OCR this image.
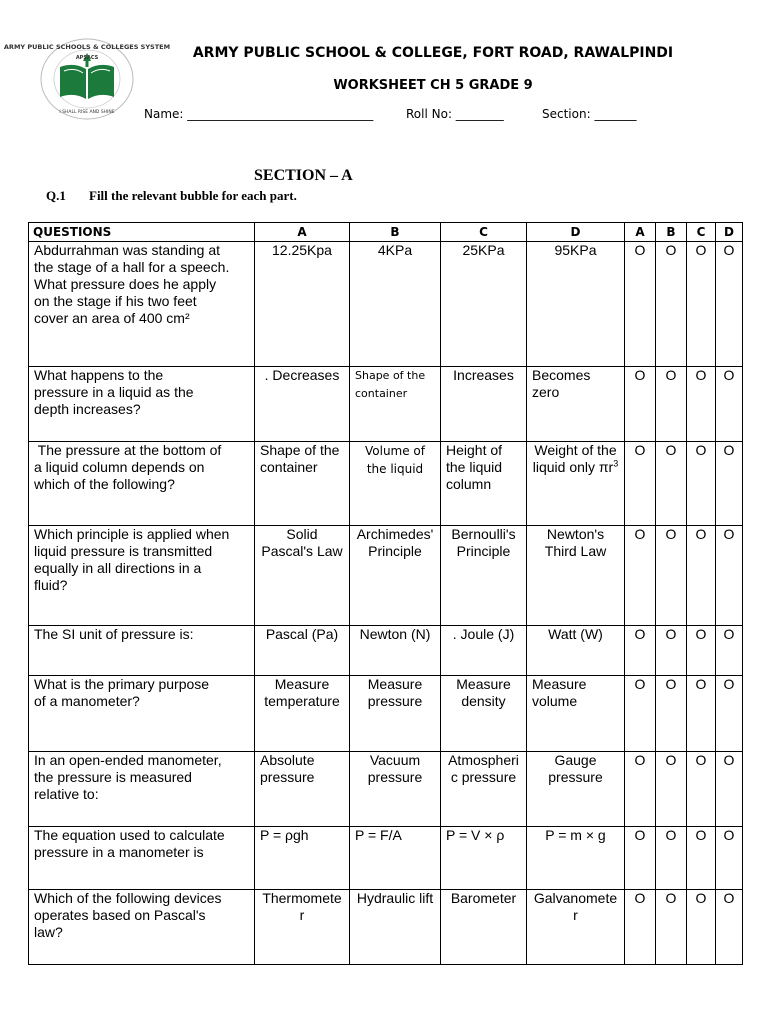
ARMY PUBLIC SCHOOLS & COLLEGES SYSTEM
APSACS
I SHALL RISE AND SHINE
ARMY PUBLIC SCHOOL & COLLEGE, FORT ROAD, RAWALPINDI
WORKSHEET CH 5 GRADE 9
Name: _______________________________	Roll No: ________	Section: _______
SECTION – A
Q.1 Fill the relevant bubble for each part.
QUESTIONS	A	B	C	D	A	B	C	D

Abdurrahman was standing at
the stage of a hall for a speech.
What pressure does he apply
on the stage if his two feet
cover an area of 400 cm²	12.25Kpa	4KPa	25KPa	95KPa	O	O	O	O

What happens to the
pressure in a liquid as the
depth increases?	. Decreases	Shape of the container	Increases	Becomes zero	O	O	O	O

The pressure at the bottom of
a liquid column depends on
which of the following?	Shape of the container	Volume of the liquid	Height of the liquid column	Weight of the liquid only $\pi r^3$	O	O	O	O

Which principle is applied when
liquid pressure is transmitted
equally in all directions in a
fluid?	Solid Pascal's Law	Archimedes' Principle	Bernoulli's Principle	Newton's Third Law	O	O	O	O

The SI unit of pressure is:	Pascal (Pa)	Newton (N)	. Joule (J)	Watt (W)	O	O	O	O

What is the primary purpose
of a manometer?	Measure temperature	Measure pressure	Measure density	Measure volume	O	O	O	O

In an open-ended manometer,
the pressure is measured
relative to:	Absolute pressure	Vacuum pressure	Atmospheric pressure	Gauge pressure	O	O	O	O

The equation used to calculate
pressure in a manometer is	P = ρgh	P = F/A	P = V × ρ	P = m × g	O	O	O	O

Which of the following devices
operates based on Pascal's
law?	Thermometer	Hydraulic lift	Barometer	Galvanometer	O	O	O	O
